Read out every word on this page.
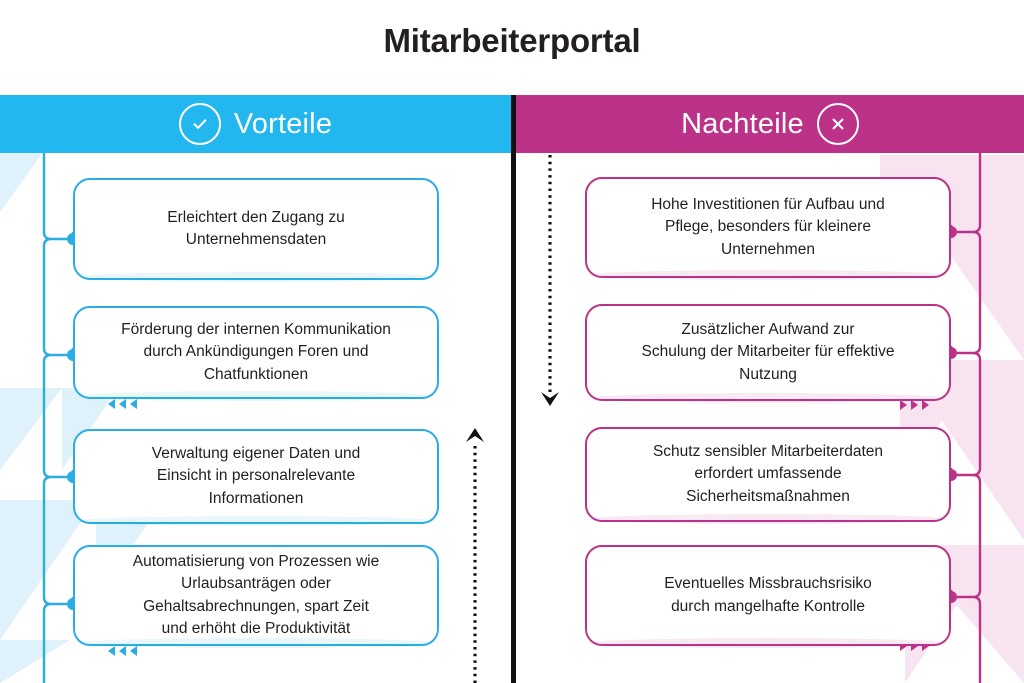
Mitarbeiterportal
Vorteile	Nachteile
Erleichtert den Zugang zu
Unternehmensdaten
Förderung der internen Kommunikation
durch Ankündigungen Foren und
Chatfunktionen
Verwaltung eigener Daten und
Einsicht in personalrelevante
Informationen
Automatisierung von Prozessen wie
Urlaubsanträgen oder
Gehaltsabrechnungen, spart Zeit
und erhöht die Produktivität
Hohe Investitionen für Aufbau und
Pflege, besonders für kleinere
Unternehmen
Zusätzlicher Aufwand zur
Schulung der Mitarbeiter für effektive
Nutzung
Schutz sensibler Mitarbeiterdaten
erfordert umfassende
Sicherheitsmaßnahmen
Eventuelles Missbrauchsrisiko
durch mangelhafte Kontrolle
